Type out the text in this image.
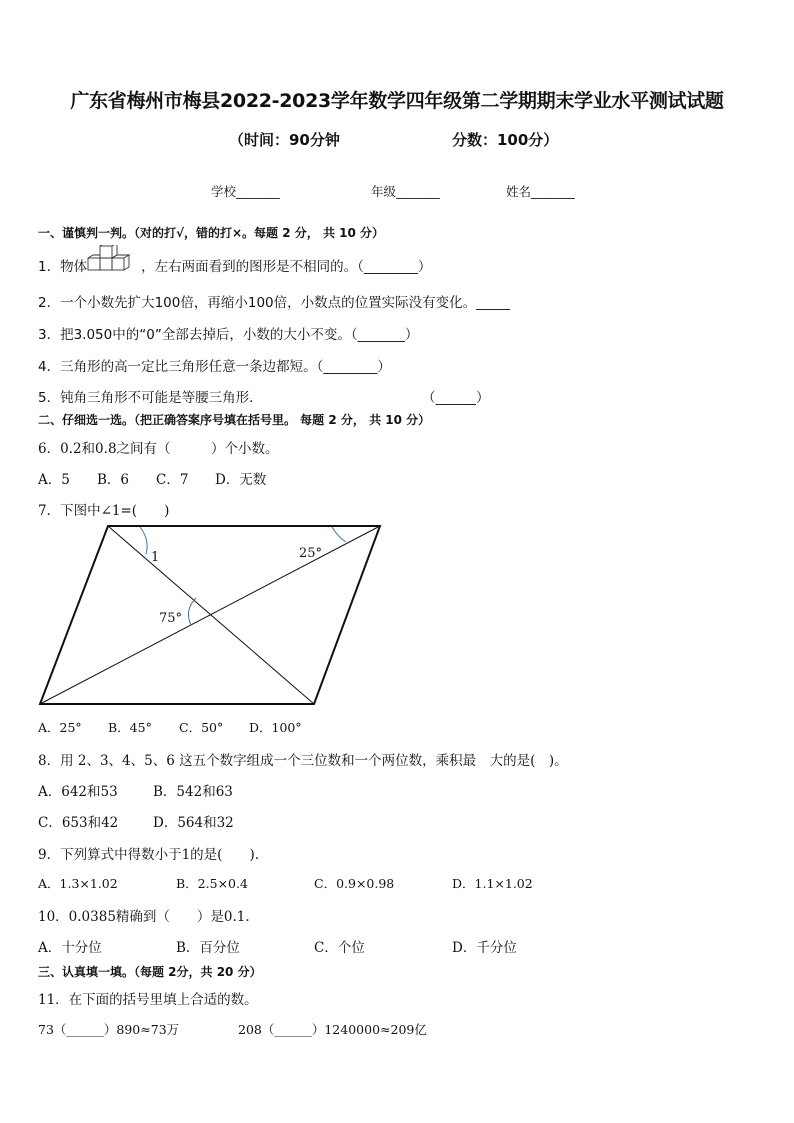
广东省梅州市梅县2022-2023学年数学四年级第二学期期末学业水平测试试题
（时间：90分钟	分数：100分）
学校_______	年级_______	姓名_______
一、谨慎判一判。（对的打√，错的打×。每题 2 分， 共 10 分）
1．物体	，左右两面看到的图形是不相同的。（________）
2．一个小数先扩大100倍，再缩小100倍，小数点的位置实际没有变化。_____
3．把3.050中的“0”全部去掉后，小数的大小不变。（_______）
4．三角形的高一定比三角形任意一条边都短。（________）
5．钝角三角形不可能是等腰三角形．	（______）
二、仔细选一选。（把正确答案序号填在括号里。 每题 2 分， 共 10 分）
6．0.2和0.8之间有（　　　）个小数。
A．5 B．6 C．7 D．无数
7．下图中∠1=(　　)
1	25°
75°
A．25° B．45° C．50° D．100°
8．用 2、3、4、5、6 这五个数字组成一个三位数和一个两位数，乘积最　大的是(　)。
A．642和53	B．542和63
C．653和42	D．564和32
9．下列算式中得数小于1的是(　　).
A．1.3×1.02	B．2.5×0.4	C．0.9×0.98	D．1.1×1.02
10．0.0385精确到（　　）是0.1.
A．十分位	B．百分位	C．个位	D．千分位
三、认真填一填。（每题 2分，共 20 分）
11．在下面的括号里填上合适的数。
73（______）890≈73万	208（______）1240000≈209亿
